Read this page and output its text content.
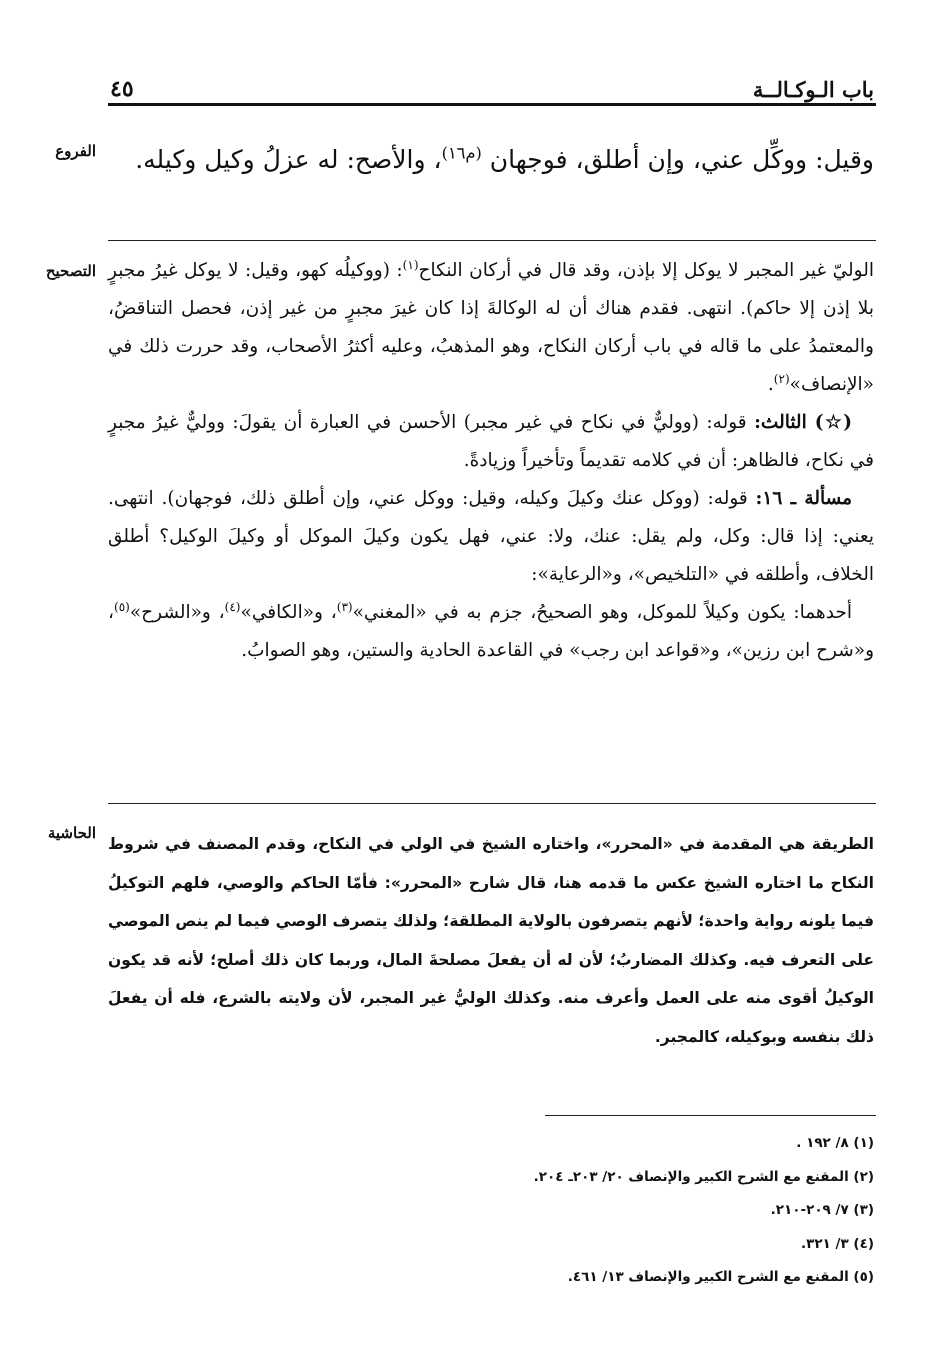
باب الـوكـالــة
٤٥
الفروع	وقيل: ووكِّل عني، وإن أطلق، فوجهان $^{(م١٦)}$، والأصح: له عزلُ وكيل وكيله.

التصحيح	الوليّ غير المجبر لا يوكل إلا بإذن، وقد قال في أركان النكاح$^{(١)}$: (ووكيلُه كهو، وقيل: لا يوكل غيرُ مجبرٍ بلا إذن إلا حاكم). انتهى. فقدم هناك أن له الوكالةَ إذا كان غيرَ مجبرٍ من غير إذن، فحصل التناقضُ، والمعتمدُ على ما قاله في باب أركان النكاح، وهو المذهبُ، وعليه أكثرُ الأصحاب، وقد حررت ذلك في «الإنصاف»$^{(٢)}$.

(☆) الثالث: قوله: (ووليٌّ في نكاح في غير مجبر) الأحسن في العبارة أن يقولَ: ووليٌّ غيرُ مجبرٍ في نكاح، فالظاهر: أن في كلامه تقديماً وتأخيراً وزيادةً.

مسألة ـ ١٦: قوله: (ووكل عنك وكيلَ وكيله، وقيل: ووكل عني، وإن أطلق ذلك، فوجهان). انتهى. يعني: إذا قال: وكل، ولم يقل: عنك، ولا: عني، فهل يكون وكيلَ الموكل أو وكيلَ الوكيل؟ أطلق الخلاف، وأطلقه في «التلخيص»، و«الرعاية»:

أحدهما: يكون وكيلاً للموكل، وهو الصحيحُ، جزم به في «المغني»$^{(٣)}$، و«الكافي»$^{(٤)}$، و«الشرح»$^{(٥)}$، و«شرح ابن رزين»، و«قواعد ابن رجب» في القاعدة الحادية والستين، وهو الصوابُ.

الحاشية

الطريقة هي المقدمة في «المحرر»، واختاره الشيخ في الولي في النكاح، وقدم المصنف في شروط النكاح ما اختاره الشيخ عكس ما قدمه هنا، قال شارح «المحرر»: فأمّا الحاكم والوصي، فلهم التوكيلُ فيما يلونه رواية واحدة؛ لأنهم يتصرفون بالولاية المطلقة؛ ولذلك يتصرف الوصي فيما لم ينص الموصي على التعرف فيه. وكذلك المضاربُ؛ لأن له أن يفعلَ مصلحةَ المال، وربما كان ذلك أصلح؛ لأنه قد يكون الوكيلُ أقوى منه على العمل وأعرف منه. وكذلك الوليُّ غير المجبر، لأن ولايته بالشرع، فله أن يفعلَ ذلك بنفسه وبوكيله، كالمجبر.

(١) ٨/ ١٩٢ .
(٢) المقنع مع الشرح الكبير والإنصاف ٢٠/ ٢٠٣ـ ٢٠٤.
(٣) ٧/ ٢٠٩-٢١٠.
(٤) ٣/ ٣٢١.
(٥) المقنع مع الشرح الكبير والإنصاف ١٣/ ٤٦١.
